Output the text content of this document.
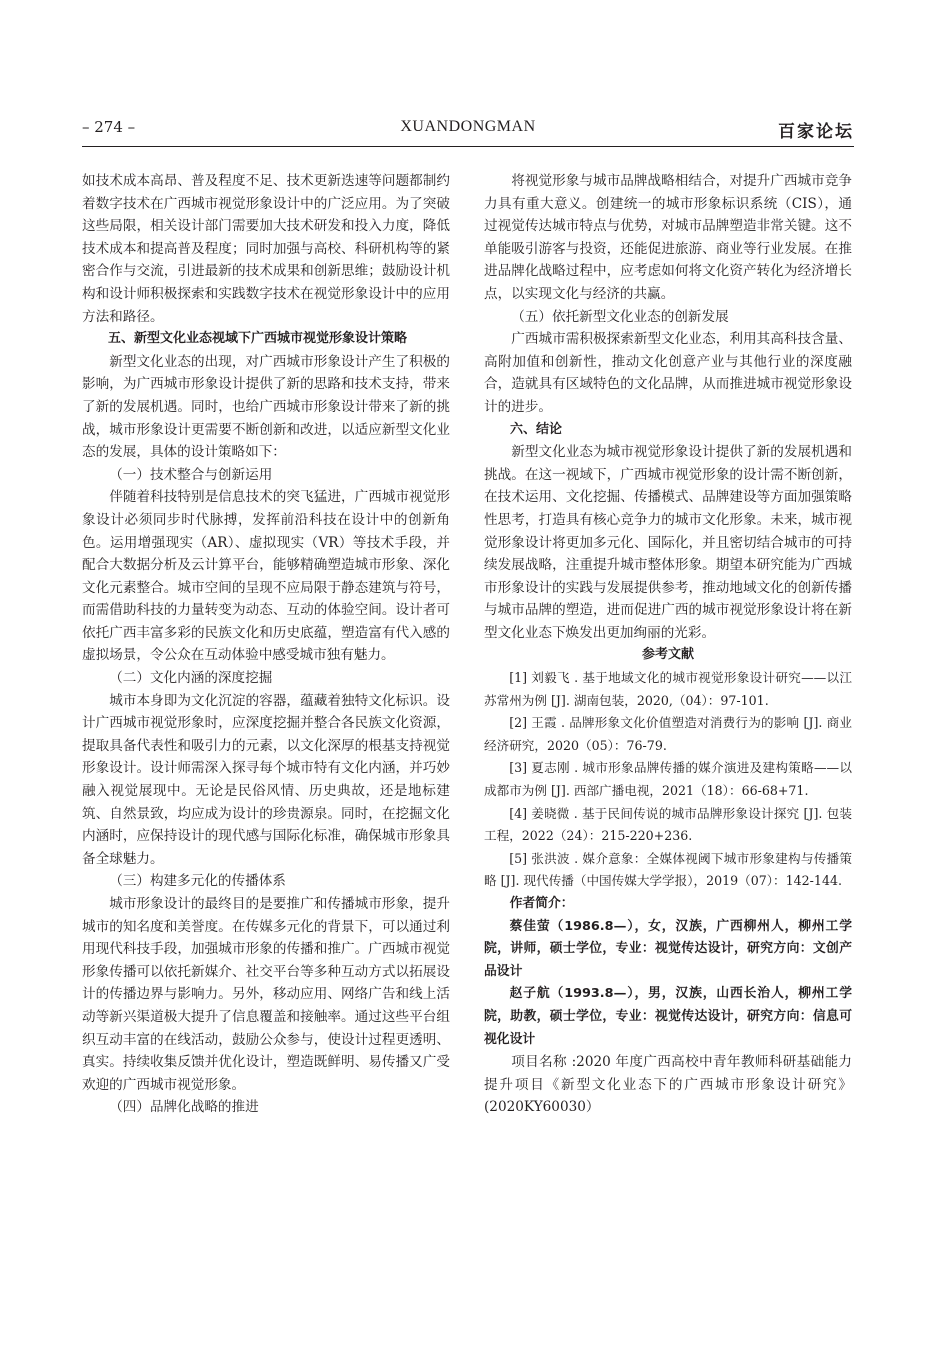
– 274 –	XUANDONGMAN	百家论坛

如技术成本高昂、普及程度不足、技术更新迭速等问题都制约着数字技术在广西城市视觉形象设计中的广泛应用。为了突破这些局限，相关设计部门需要加大技术研发和投入力度，降低技术成本和提高普及程度；同时加强与高校、科研机构等的紧密合作与交流，引进最新的技术成果和创新思维；鼓励设计机构和设计师积极探索和实践数字技术在视觉形象设计中的应用方法和路径。

五、新型文化业态视域下广西城市视觉形象设计策略

新型文化业态的出现，对广西城市形象设计产生了积极的影响，为广西城市形象设计提供了新的思路和技术支持，带来了新的发展机遇。同时，也给广西城市形象设计带来了新的挑战，城市形象设计更需要不断创新和改进，以适应新型文化业态的发展，具体的设计策略如下：

（一）技术整合与创新运用

伴随着科技特别是信息技术的突飞猛进，广西城市视觉形象设计必须同步时代脉搏，发挥前沿科技在设计中的创新角色。运用增强现实（AR）、虚拟现实（VR）等技术手段，并配合大数据分析及云计算平台，能够精确塑造城市形象、深化文化元素整合。城市空间的呈现不应局限于静态建筑与符号，而需借助科技的力量转变为动态、互动的体验空间。设计者可依托广西丰富多彩的民族文化和历史底蕴，塑造富有代入感的虚拟场景，令公众在互动体验中感受城市独有魅力。

（二）文化内涵的深度挖掘

城市本身即为文化沉淀的容器，蕴藏着独特文化标识。设计广西城市视觉形象时，应深度挖掘并整合各民族文化资源，提取具备代表性和吸引力的元素，以文化深厚的根基支持视觉形象设计。设计师需深入探寻每个城市特有文化内涵，并巧妙融入视觉展现中。无论是民俗风情、历史典故，还是地标建筑、自然景致，均应成为设计的珍贵源泉。同时，在挖掘文化内涵时，应保持设计的现代感与国际化标准，确保城市形象具备全球魅力。

（三）构建多元化的传播体系

城市形象设计的最终目的是要推广和传播城市形象，提升城市的知名度和美誉度。在传媒多元化的背景下，可以通过利用现代科技手段，加强城市形象的传播和推广。广西城市视觉形象传播可以依托新媒介、社交平台等多种互动方式以拓展设计的传播边界与影响力。另外，移动应用、网络广告和线上活动等新兴渠道极大提升了信息覆盖和接触率。通过这些平台组织互动丰富的在线活动，鼓励公众参与，使设计过程更透明、真实。持续收集反馈并优化设计，塑造既鲜明、易传播又广受欢迎的广西城市视觉形象。

（四）品牌化战略的推进

将视觉形象与城市品牌战略相结合，对提升广西城市竞争力具有重大意义。创建统一的城市形象标识系统（CIS），通过视觉传达城市特点与优势，对城市品牌塑造非常关键。这不单能吸引游客与投资，还能促进旅游、商业等行业发展。在推进品牌化战略过程中，应考虑如何将文化资产转化为经济增长点，以实现文化与经济的共赢。

（五）依托新型文化业态的创新发展

广西城市需积极探索新型文化业态，利用其高科技含量、高附加值和创新性，推动文化创意产业与其他行业的深度融合，造就具有区域特色的文化品牌，从而推进城市视觉形象设计的进步。

六、结论

新型文化业态为城市视觉形象设计提供了新的发展机遇和挑战。在这一视域下，广西城市视觉形象的设计需不断创新，在技术运用、文化挖掘、传播模式、品牌建设等方面加强策略性思考，打造具有核心竞争力的城市文化形象。未来，城市视觉形象设计将更加多元化、国际化，并且密切结合城市的可持续发展战略，注重提升城市整体形象。期望本研究能为广西城市形象设计的实践与发展提供参考，推动地域文化的创新传播与城市品牌的塑造，进而促进广西的城市视觉形象设计将在新型文化业态下焕发出更加绚丽的光彩。

参考文献

[1] 刘毅飞 . 基于地域文化的城市视觉形象设计研究——以江苏常州为例 [J]. 湖南包装，2020,（04）：97-101.

[2] 王霞 . 品牌形象文化价值塑造对消费行为的影响 [J]. 商业经济研究，2020（05）：76-79.

[3] 夏志刚 . 城市形象品牌传播的媒介演进及建构策略——以成都市为例 [J]. 西部广播电视，2021（18）：66-68+71.

[4] 姜晓微 . 基于民间传说的城市品牌形象设计探究 [J]. 包装工程，2022（24）：215-220+236.

[5] 张洪波 . 媒介意象：全媒体视阈下城市形象建构与传播策略 [J]. 现代传播（中国传媒大学学报），2019（07）：142-144.

作者简介：

蔡佳萤（1986.8—），女，汉族，广西柳州人，柳州工学院，讲师，硕士学位，专业：视觉传达设计，研究方向：文创产品设计

赵子航（1993.8—），男，汉族，山西长治人，柳州工学院，助教，硕士学位，专业：视觉传达设计，研究方向：信息可视化设计

项目名称 :2020 年度广西高校中青年教师科研基础能力提升项目《新型文化业态下的广西城市形象设计研究》(2020KY60030）
